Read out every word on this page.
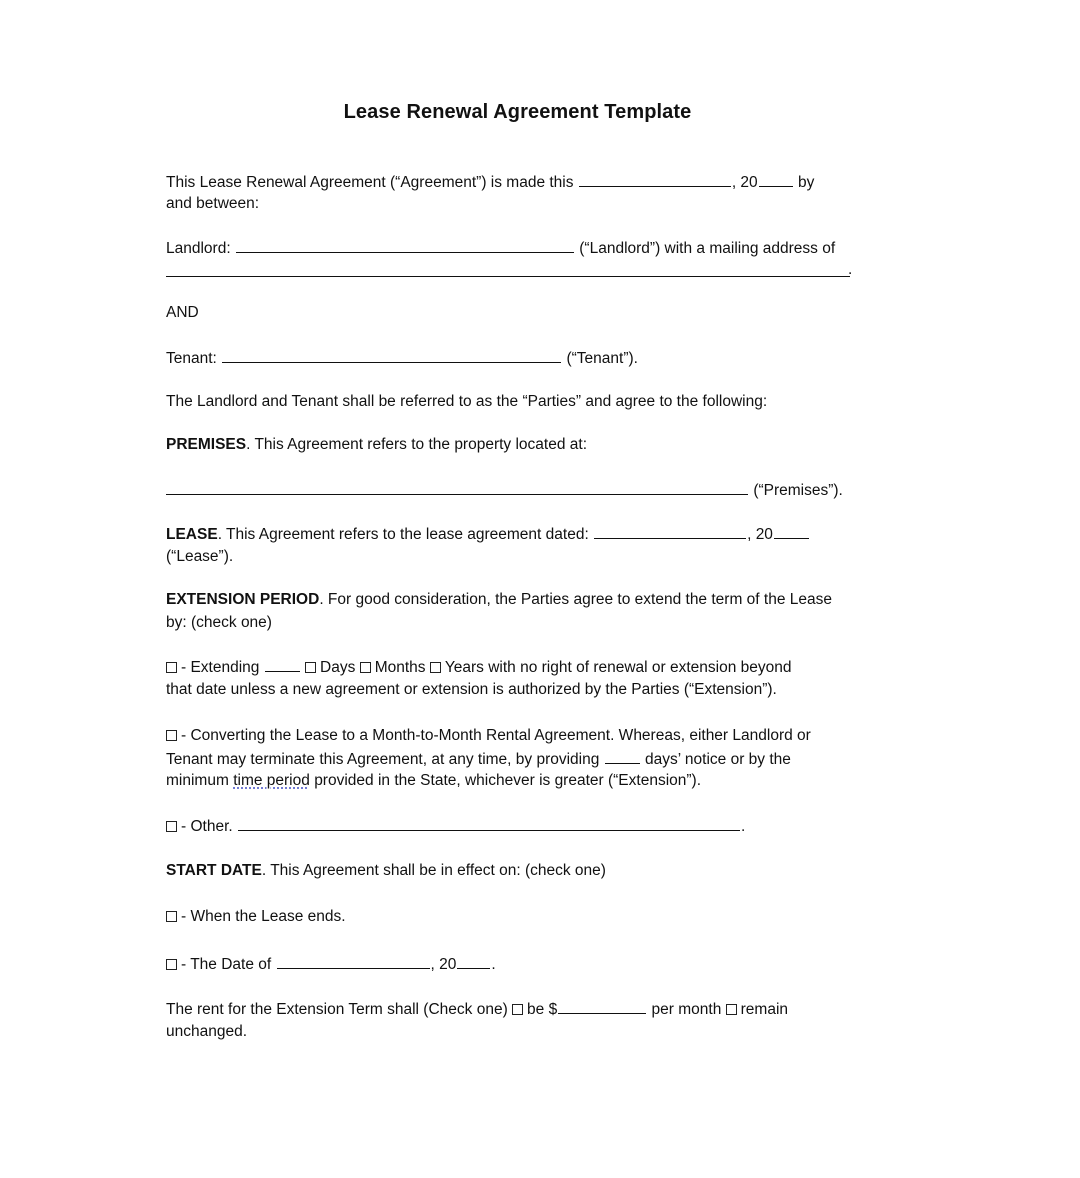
Lease Renewal Agreement Template
This Lease Renewal Agreement (“Agreement”) is made this	, 20	by
and between:
Landlord:	(“Landlord”) with a mailing address of
.
AND
Tenant:	(“Tenant”).
The Landlord and Tenant shall be referred to as the “Parties” and agree to the following:
PREMISES. This Agreement refers to the property located at:
(“Premises”).
LEASE. This Agreement refers to the lease agreement dated:	, 20
(“Lease”).
EXTENSION PERIOD. For good consideration, the Parties agree to extend the term of the Lease
by: (check one)
- Extending	Days Months Years with no right of renewal or extension beyond
that date unless a new agreement or extension is authorized by the Parties (“Extension”).
- Converting the Lease to a Month-to-Month Rental Agreement. Whereas, either Landlord or
Tenant may terminate this Agreement, at any time, by providing	days’ notice or by the
minimum time period provided in the State, whichever is greater (“Extension”).
- Other.	.
START DATE. This Agreement shall be in effect on: (check one)
- When the Lease ends.
- The Date of	, 20 .
The rent for the Extension Term shall (Check one) be $	per month remain
unchanged.
